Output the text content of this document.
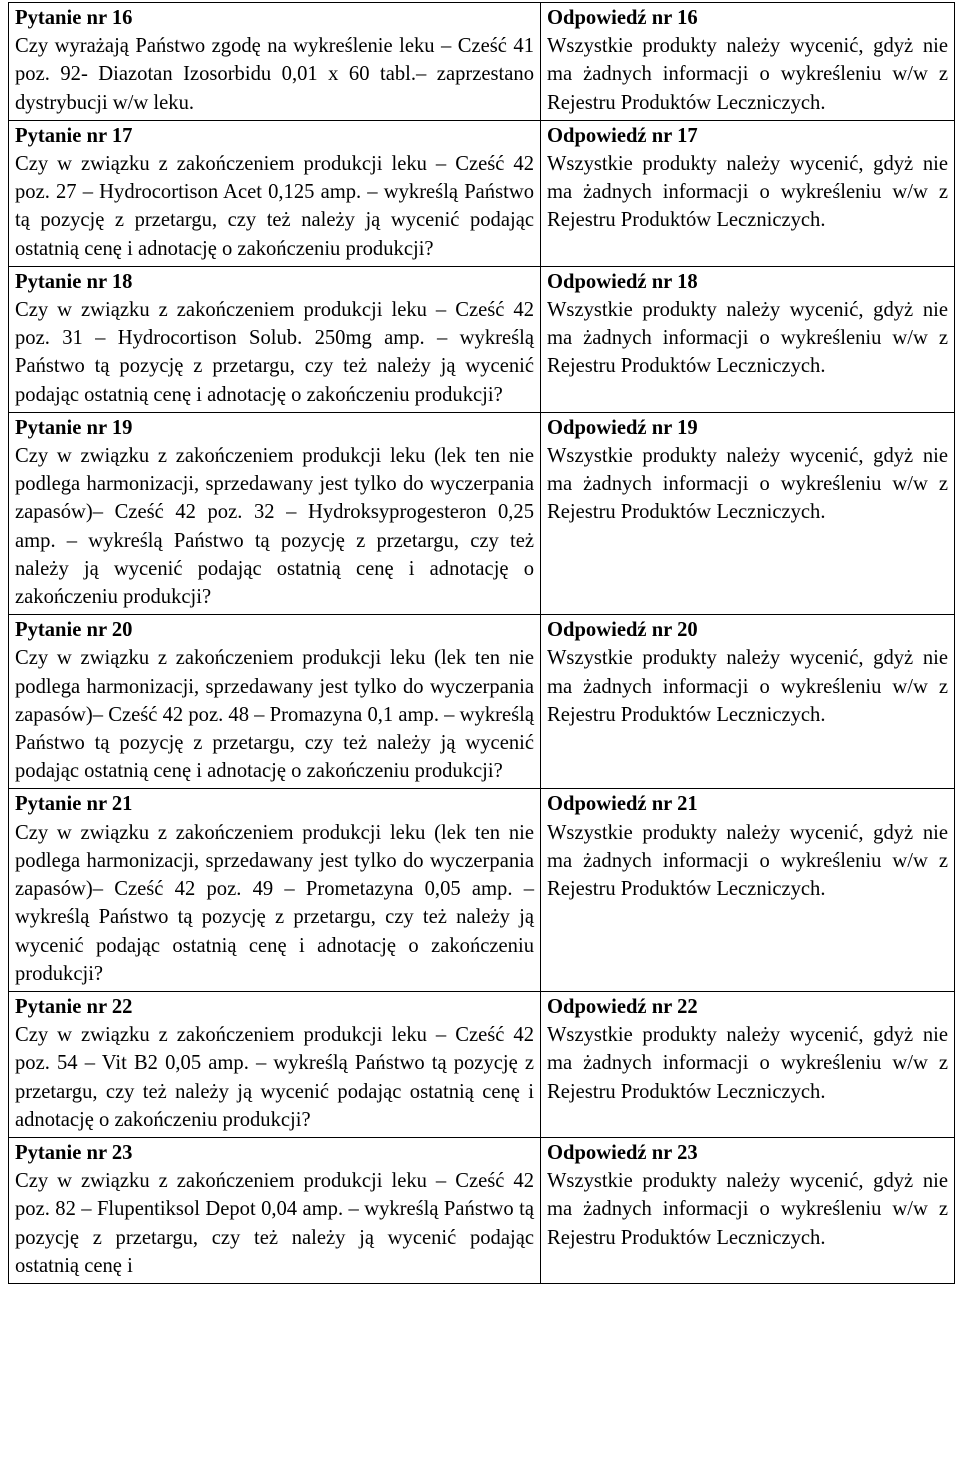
Pytanie nr 16
Czy wyrażają Państwo zgodę na wykreślenie leku – Cześć 41 poz. 92- Diazotan Izosorbidu 0,01 x 60 tabl.– zaprzestano dystrybucji w/w leku.	Odpowiedź nr 16
Wszystkie produkty należy wycenić, gdyż nie ma żadnych informacji o wykreśleniu w/w z Rejestru Produktów Leczniczych.

Pytanie nr 17
Czy w związku z zakończeniem produkcji leku – Cześć 42 poz. 27 – Hydrocortison Acet 0,125 amp. – wykreślą Państwo tą pozycję z przetargu, czy też należy ją wycenić podając ostatnią cenę i adnotację o zakończeniu produkcji?	Odpowiedź nr 17
Wszystkie produkty należy wycenić, gdyż nie ma żadnych informacji o wykreśleniu w/w z Rejestru Produktów Leczniczych.

Pytanie nr 18
Czy w związku z zakończeniem produkcji leku – Cześć 42 poz. 31 – Hydrocortison Solub. 250mg amp. – wykreślą Państwo tą pozycję z przetargu, czy też należy ją wycenić podając ostatnią cenę i adnotację o zakończeniu produkcji?	Odpowiedź nr 18
Wszystkie produkty należy wycenić, gdyż nie ma żadnych informacji o wykreśleniu w/w z Rejestru Produktów Leczniczych.

Pytanie nr 19
Czy w związku z zakończeniem produkcji leku (lek ten nie podlega harmonizacji, sprzedawany jest tylko do wyczerpania zapasów)– Cześć 42 poz. 32 – Hydroksyprogesteron 0,25 amp. – wykreślą Państwo tą pozycję z przetargu, czy też należy ją wycenić podając ostatnią cenę i adnotację o zakończeniu produkcji?	Odpowiedź nr 19
Wszystkie produkty należy wycenić, gdyż nie ma żadnych informacji o wykreśleniu w/w z Rejestru Produktów Leczniczych.

Pytanie nr 20
Czy w związku z zakończeniem produkcji leku (lek ten nie podlega harmonizacji, sprzedawany jest tylko do wyczerpania zapasów)– Cześć 42 poz. 48 – Promazyna 0,1 amp. – wykreślą Państwo tą pozycję z przetargu, czy też należy ją wycenić podając ostatnią cenę i adnotację o zakończeniu produkcji?	Odpowiedź nr 20
Wszystkie produkty należy wycenić, gdyż nie ma żadnych informacji o wykreśleniu w/w z Rejestru Produktów Leczniczych.

Pytanie nr 21
Czy w związku z zakończeniem produkcji leku (lek ten nie podlega harmonizacji, sprzedawany jest tylko do wyczerpania zapasów)– Cześć 42 poz. 49 – Prometazyna 0,05 amp. – wykreślą Państwo tą pozycję z przetargu, czy też należy ją wycenić podając ostatnią cenę i adnotację o zakończeniu produkcji?	Odpowiedź nr 21
Wszystkie produkty należy wycenić, gdyż nie ma żadnych informacji o wykreśleniu w/w z Rejestru Produktów Leczniczych.

Pytanie nr 22
Czy w związku z zakończeniem produkcji leku – Cześć 42 poz. 54 – Vit B2 0,05 amp. – wykreślą Państwo tą pozycję z przetargu, czy też należy ją wycenić podając ostatnią cenę i adnotację o zakończeniu produkcji?	Odpowiedź nr 22
Wszystkie produkty należy wycenić, gdyż nie ma żadnych informacji o wykreśleniu w/w z Rejestru Produktów Leczniczych.

Pytanie nr 23
Czy w związku z zakończeniem produkcji leku – Cześć 42 poz. 82 – Flupentiksol Depot 0,04 amp. – wykreślą Państwo tą pozycję z przetargu, czy też należy ją wycenić podając ostatnią cenę i	Odpowiedź nr 23
Wszystkie produkty należy wycenić, gdyż nie ma żadnych informacji o wykreśleniu w/w z Rejestru Produktów Leczniczych.
